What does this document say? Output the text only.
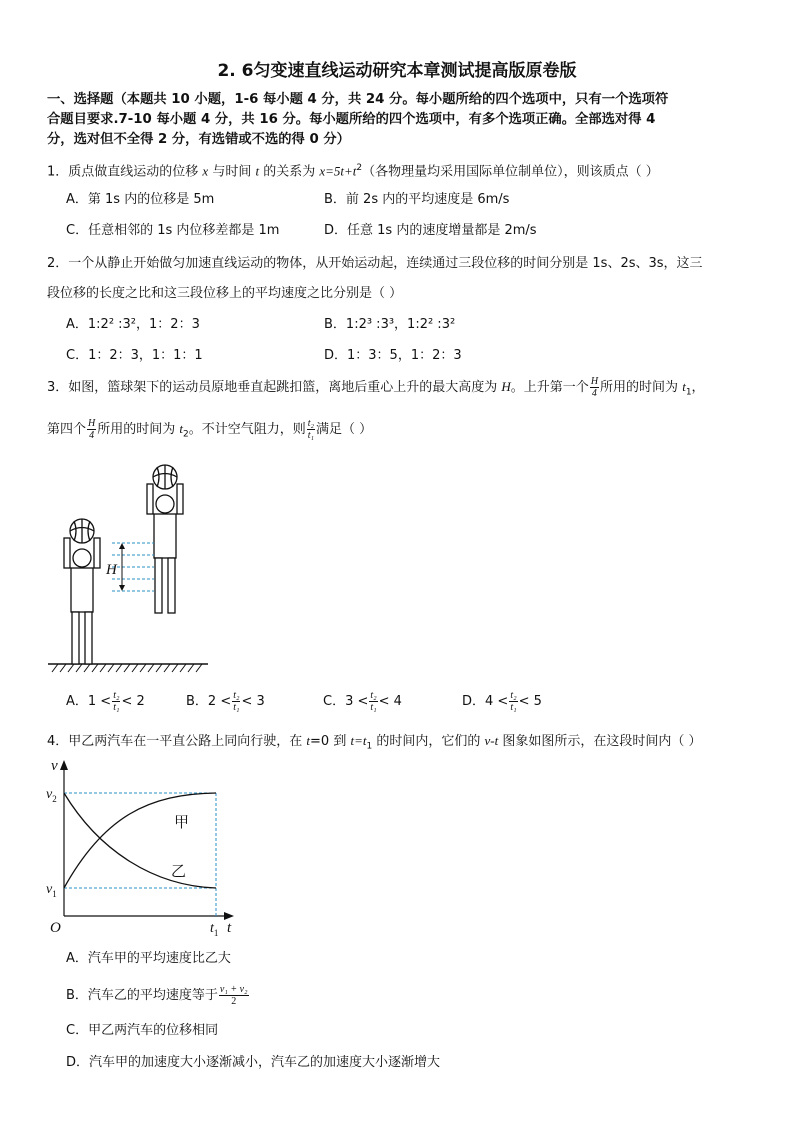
2. 6匀变速直线运动研究本章测试提高版原卷版
一、选择题（本题共 10 小题，1-6 每小题 4 分，共 24 分。每小题所给的四个选项中，只有一个选项符
合题目要求.7-10 每小题 4 分，共 16 分。每小题所给的四个选项中，有多个选项正确。全部选对得 4
分，选对但不全得 2 分，有选错或不选的得 0 分）
1．质点做直线运动的位移 x 与时间 t 的关系为 $x=5t+t^2$（各物理量均采用国际单位制单位），则该质点（ ）
A．第 1s 内的位移是 5m	B．前 2s 内的平均速度是 6m/s
C．任意相邻的 1s 内位移差都是 1m	D．任意 1s 内的速度增量都是 2m/s
2．一个从静止开始做匀加速直线运动的物体，从开始运动起，连续通过三段位移的时间分别是 1s、2s、3s，这三
段位移的长度之比和这三段位移上的平均速度之比分别是（ ）
A．1:2² :3²，1：2：3	B．1:2³ :3³，1:2² :3²
C．1：2：3，1：1：1	D．1：3：5，1：2：3
3．如图，篮球架下的运动员原地垂直起跳扣篮，离地后重心上升的最大高度为 H。上升第一个 $\frac{H}{4}$ 所用的时间为 $t_1$，
第四个 $\frac{H}{4}$ 所用的时间为 $t_2$。不计空气阻力，则 $\frac{\text{t₂}}{\text{t₁}}$ 满足（ ）
H
A．$1 < \frac{\text{t₂}}{\text{t₁}} < 2$	B．$2 < \frac{\text{t₂}}{\text{t₁}} < 3$	C．$3 < \frac{\text{t₂}}{\text{t₁}} < 4$	D．$4 < \frac{\text{t₂}}{\text{t₁}} < 5$
4．甲乙两汽车在一平直公路上同向行驶，在 t=0 到 $t=t_1$ 的时间内，它们的 v-t 图象如图所示，在这段时间内（ ）
v
$v_2$
$v_1$
O	$t_1$ t
甲
乙
A．汽车甲的平均速度比乙大
B．汽车乙的平均速度等于 $\frac{\text{v₁ + v₂}}{2}$
C．甲乙两汽车的位移相同
D．汽车甲的加速度大小逐渐减小，汽车乙的加速度大小逐渐增大
